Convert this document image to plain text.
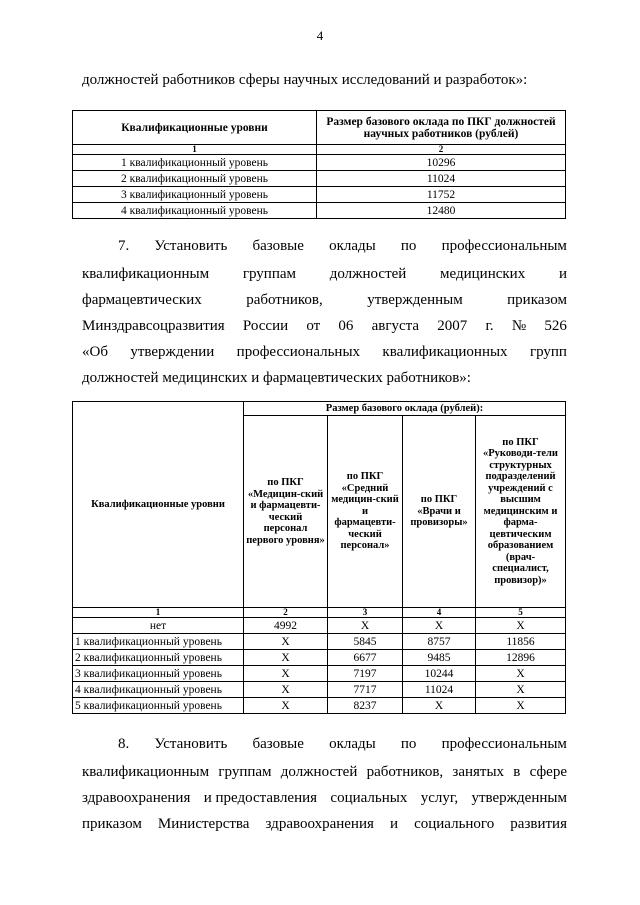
4
должностей работников сферы научных исследований и разработок»:
Квалификационные уровни	Размер базового оклада по ПКГ должностей научных работников (рублей)
1	2
1 квалификационный уровень	10296
2 квалификационный уровень	11024
3 квалификационный уровень	11752
4 квалификационный уровень	12480
7. Установить базовые оклады по профессиональным
квалификационным группам должностей медицинских и
фармацевтических	работников,	утвержденным	приказом
Минздравсоцразвития России от 06 августа 2007 г. № 526
«Об утверждении профессиональных квалификационных групп
должностей медицинских и фармацевтических работников»:
Квалификационные уровни	Размер базового оклада (рублей):			
	по ПКГ «Медицин-ский и фармацевти-ческий персонал первого уровня»	по ПКГ «Средний медицин-ский и фармацевти-ческий персонал»	по ПКГ «Врачи и провизоры»	по ПКГ «Руководи-тели структурных подразделений учреждений с высшим медицинским и фарма-цевтическим образованием (врач-специалист, провизор)»
1	2	3	4	5
нет	4992	X	X	X
1 квалификационный уровень	X	5845	8757	11856
2 квалификационный уровень	X	6677	9485	12896
3 квалификационный уровень	X	7197	10244	X
4 квалификационный уровень	X	7717	11024	X
5 квалификационный уровень	X	8237	X	X
8. Установить базовые оклады по профессиональным
квалификационным группам должностей работников, занятых в сфере
здравоохранения и предоставления социальных услуг, утвержденным
приказом Министерства здравоохранения и социального развития
